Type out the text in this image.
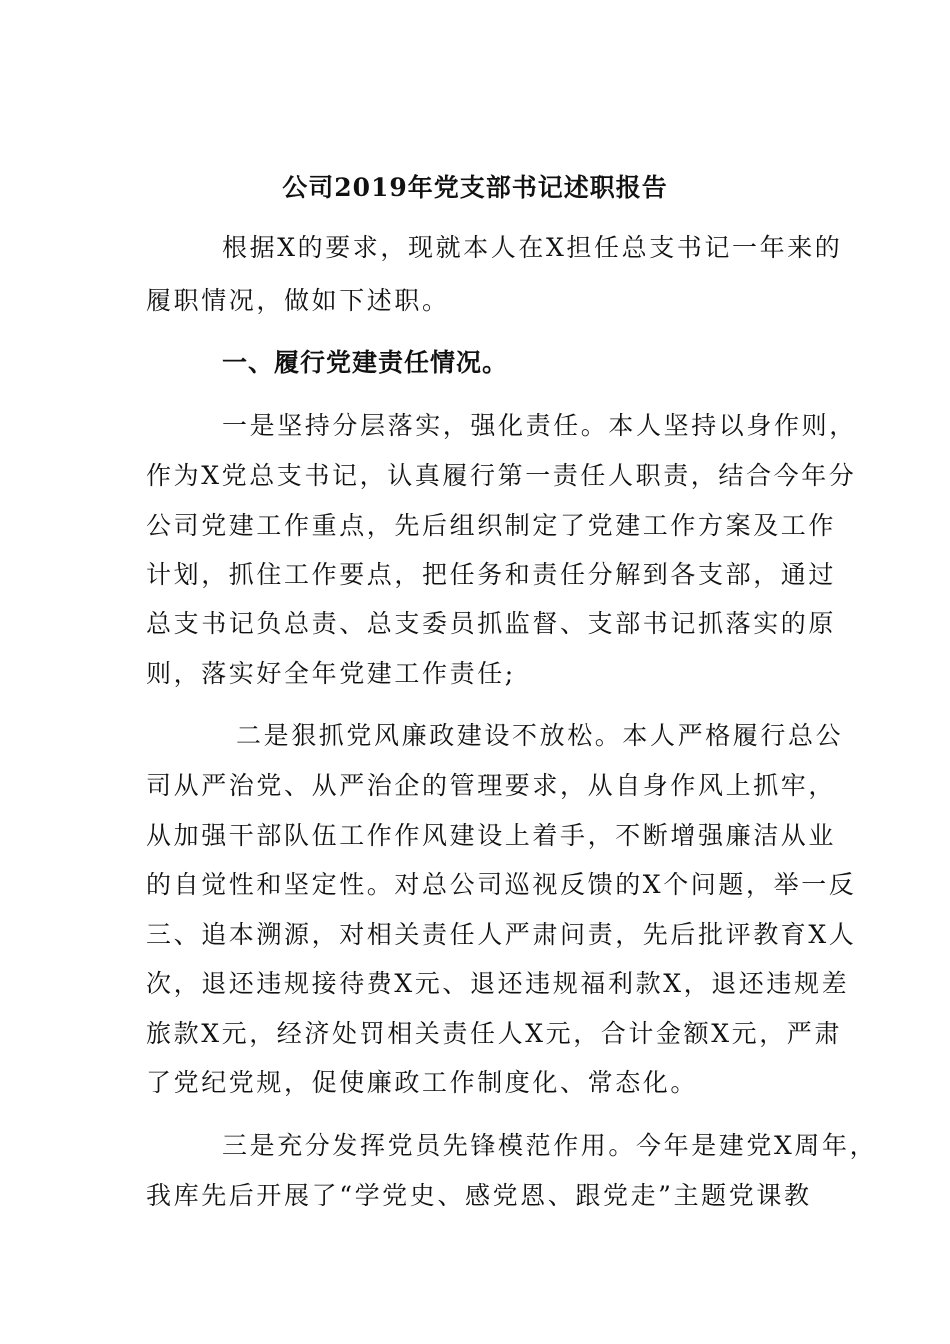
公司2019年党支部书记述职报告
根据X的要求，现就本人在X担任总支书记一年来的
履职情况，做如下述职。
一、履行党建责任情况。
一是坚持分层落实，强化责任。本人坚持以身作则，
作为X党总支书记，认真履行第一责任人职责，结合今年分
公司党建工作重点，先后组织制定了党建工作方案及工作
计划，抓住工作要点，把任务和责任分解到各支部，通过
总支书记负总责、总支委员抓监督、支部书记抓落实的原
则，落实好全年党建工作责任;
二是狠抓党风廉政建设不放松。本人严格履行总公
司从严治党、从严治企的管理要求，从自身作风上抓牢，
从加强干部队伍工作作风建设上着手，不断增强廉洁从业
的自觉性和坚定性。对总公司巡视反馈的X个问题，举一反
三、追本溯源，对相关责任人严肃问责，先后批评教育X人
次，退还违规接待费X元、退还违规福利款X，退还违规差
旅款X元，经济处罚相关责任人X元，合计金额X元，严肃
了党纪党规，促使廉政工作制度化、常态化。
三是充分发挥党员先锋模范作用。今年是建党X周年，
我库先后开展了“学党史、感党恩、跟党走”主题党课教
